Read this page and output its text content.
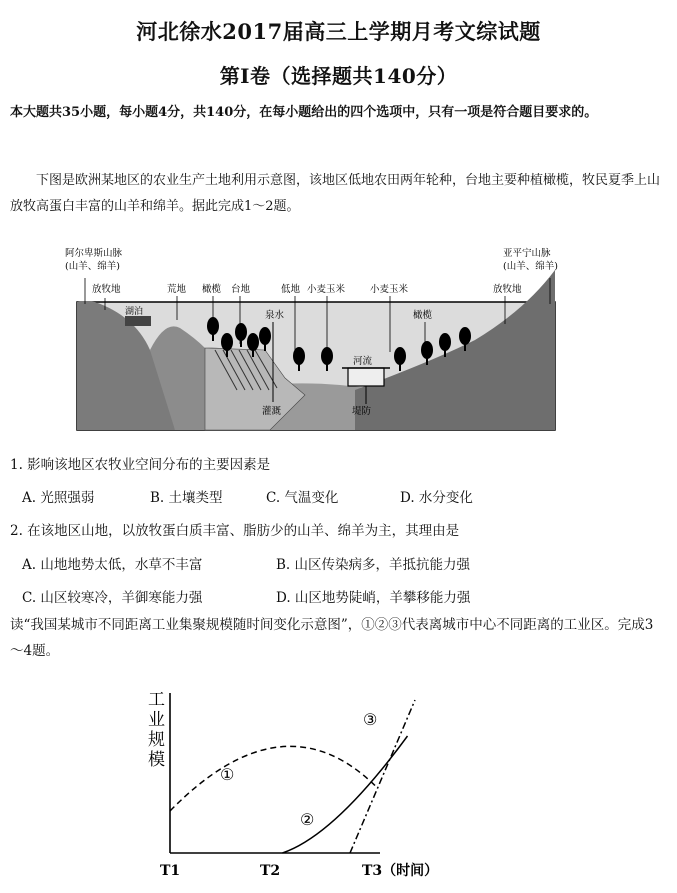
河北徐水2017届高三上学期月考文综试题
第I卷（选择题共140分）
本大题共35小题，每小题4分，共140分，在每小题给出的四个选项中，只有一项是符合题目要求的。
下图是欧洲某地区的农业生产土地利用示意图，该地区低地农田两年轮种，台地主要种植橄榄，牧民夏季上山放牧高蛋白丰富的山羊和绵羊。据此完成1～2题。
阿尔卑斯山脉
(山羊、绵羊)
亚平宁山脉
(山羊、绵羊)
放牧地
湖泊
荒地 橄榄 台地	低地
泉水
小麦玉米	小麦玉米
橄榄
放牧地
河流
灌溉	堤防
1. 影响该地区农牧业空间分布的主要因素是
A. 光照强弱	B. 土壤类型	C. 气温变化	D. 水分变化
2. 在该地区山地，以放牧蛋白质丰富、脂肪少的山羊、绵羊为主，其理由是
A. 山地地势太低，水草不丰富	B. 山区传染病多，羊抵抗能力强
C. 山区较寒冷，羊御寒能力强	D. 山区地势陡峭，羊攀移能力强
读“我国某城市不同距离工业集聚规模随时间变化示意图”，①②③代表离城市中心不同距离的工业区。完成3～4题。
工
业
规
模
①
②
③
T1	T2	T3（时间）
